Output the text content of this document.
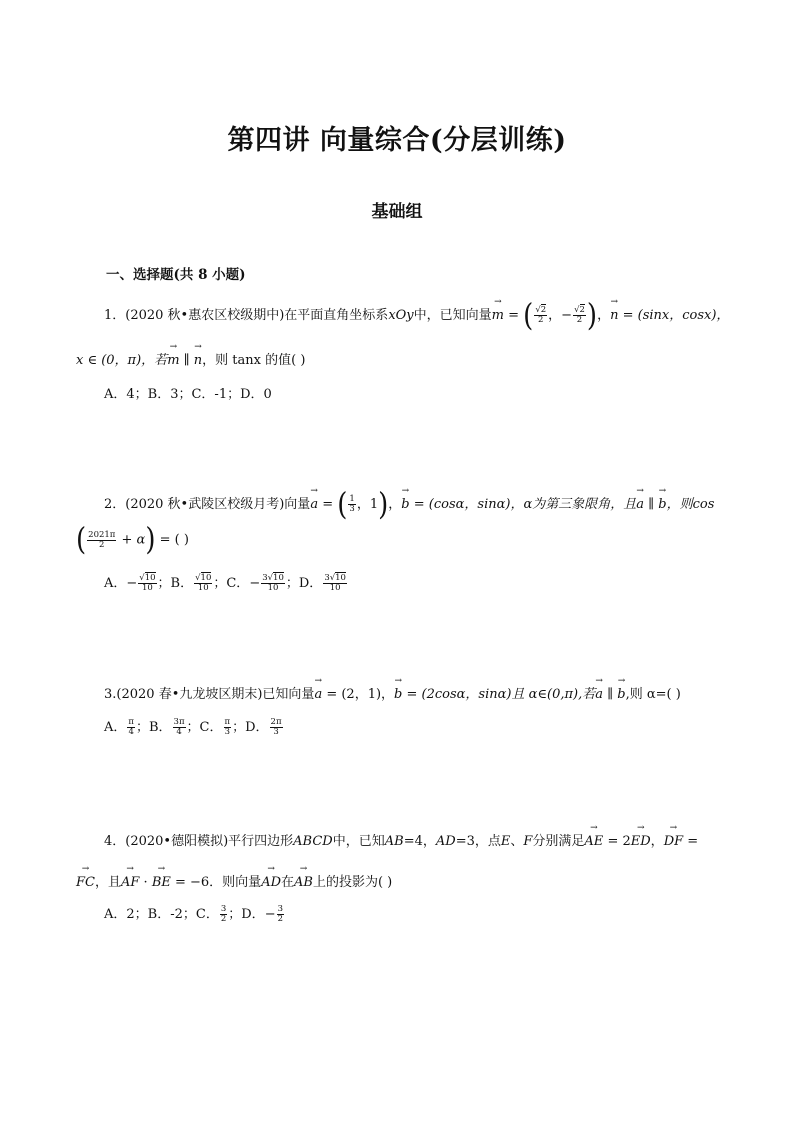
第四讲 向量综合(分层训练)
基础组
一、选择题(共 8 小题)
1．(2020 秋•惠农区校级期中)在平面直角坐标系xOy中，已知向量
→
m = ( $\frac{√2}{2}$ ，− $\frac{√2}{2}$ )，
→
n = (sinx，cosx)，
x ∈ (0，π)，若
→
m ∥
→
n，则 tanx 的值( )
A．4；B．3；C．-1；D．0
2．(2020 秋•武陵区校级月考)向量
→
a = ( $\frac{1}{3}$ ，1)，
→
b = (cosα，sinα)，α为第三象限角，且
→
a ∥
→
b，则cos
( $\frac{2021\pi}{2} + \alpha$) = ( )
A．− $\frac{√10}{10}$ ；B． $\frac{√10}{10}$ ；C．− $\frac{3√10}{10}$ ；D． $\frac{3√10}{10}$
3.(2020 春•九龙坡区期末)已知向量
→
a = (2，1)，
→
b = (2cosα，sinα)且 α∈(0,π),若
→
a ∥
→
b,则 α=( )
A． $\frac{\pi}{4}$ ；B． $\frac{3\pi}{4}$ ；C． $\frac{\pi}{3}$ ；D． $\frac{2\pi}{3}$
4．(2020•德阳模拟)平行四边形ABCD中，已知AB=4，AD=3，点E、F分别满足
→
AE = 2
→
ED，
→
DF =
→
FC，且
→
AF ·
→
BE = −6．则向量
→
AD在
→
AB上的投影为( )
A．2；B．-2；C． $\frac{3}{2}$ ；D．− $\frac{3}{2}$
